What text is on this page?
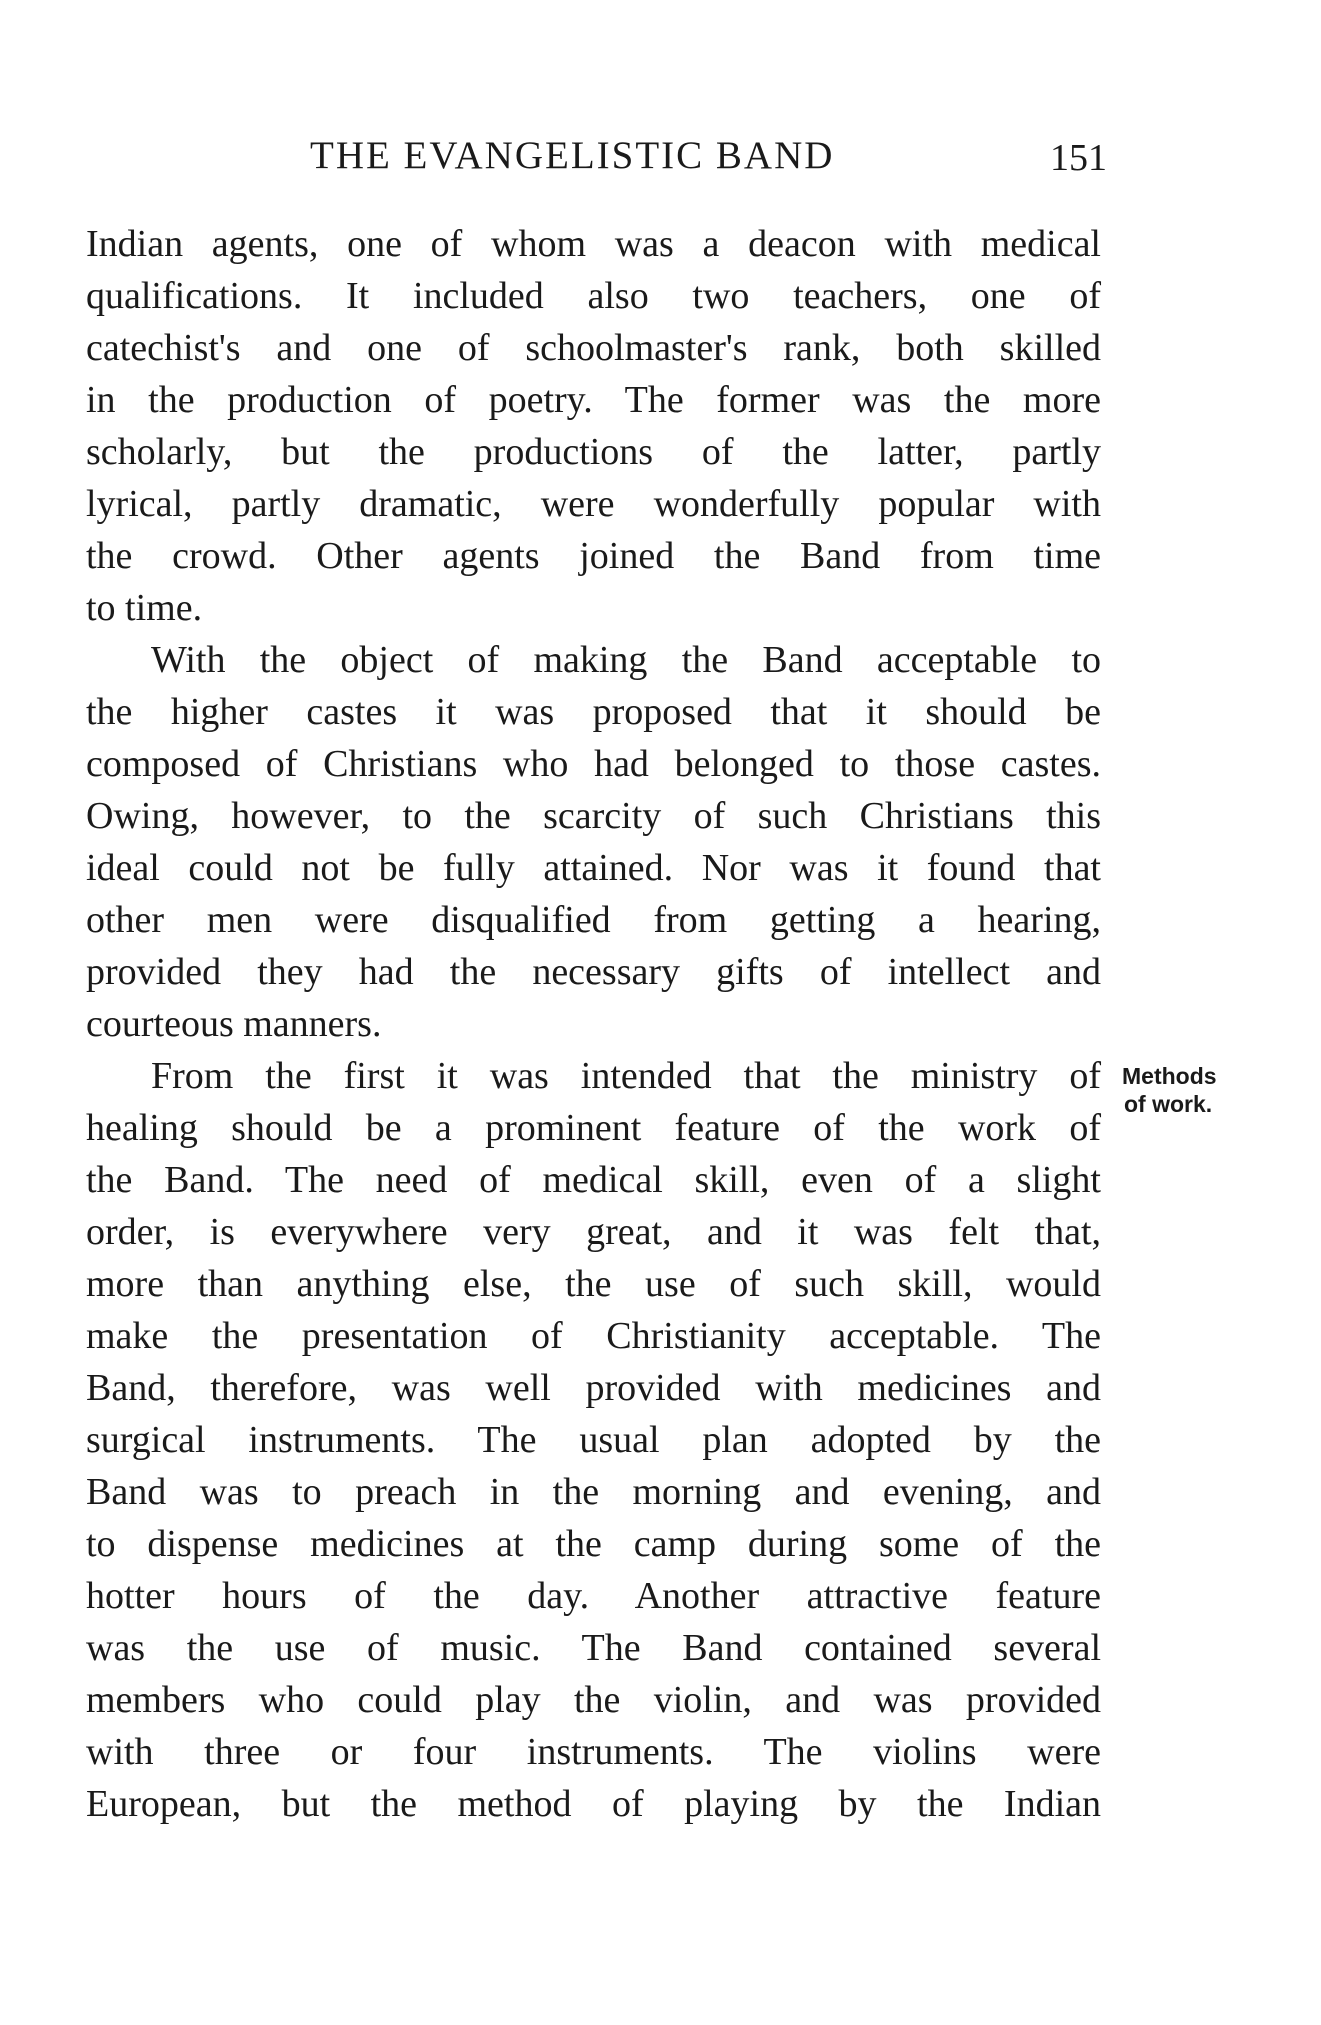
THE EVANGELISTIC BAND	151
Indian agents, one of whom was a deacon with medical
qualifications. It included also two teachers, one of
catechist's and one of schoolmaster's rank, both skilled
in the production of poetry. The former was the more
scholarly, but the productions of the latter, partly
lyrical, partly dramatic, were wonderfully popular with
the crowd. Other agents joined the Band from time
to time.
With the object of making the Band acceptable to
the higher castes it was proposed that it should be
composed of Christians who had belonged to those castes.
Owing, however, to the scarcity of such Christians this
ideal could not be fully attained. Nor was it found that
other men were disqualified from getting a hearing,
provided they had the necessary gifts of intellect and
courteous manners.
From the first it was intended that the ministry of
healing should be a prominent feature of the work of
the Band. The need of medical skill, even of a slight
order, is everywhere very great, and it was felt that,
more than anything else, the use of such skill, would
make the presentation of Christianity acceptable. The
Band, therefore, was well provided with medicines and
surgical instruments. The usual plan adopted by the
Band was to preach in the morning and evening, and
to dispense medicines at the camp during some of the
hotter hours of the day. Another attractive feature
was the use of music. The Band contained several
members who could play the violin, and was provided
with three or four instruments. The violins were
European, but the method of playing by the Indian
Methods
of work.
